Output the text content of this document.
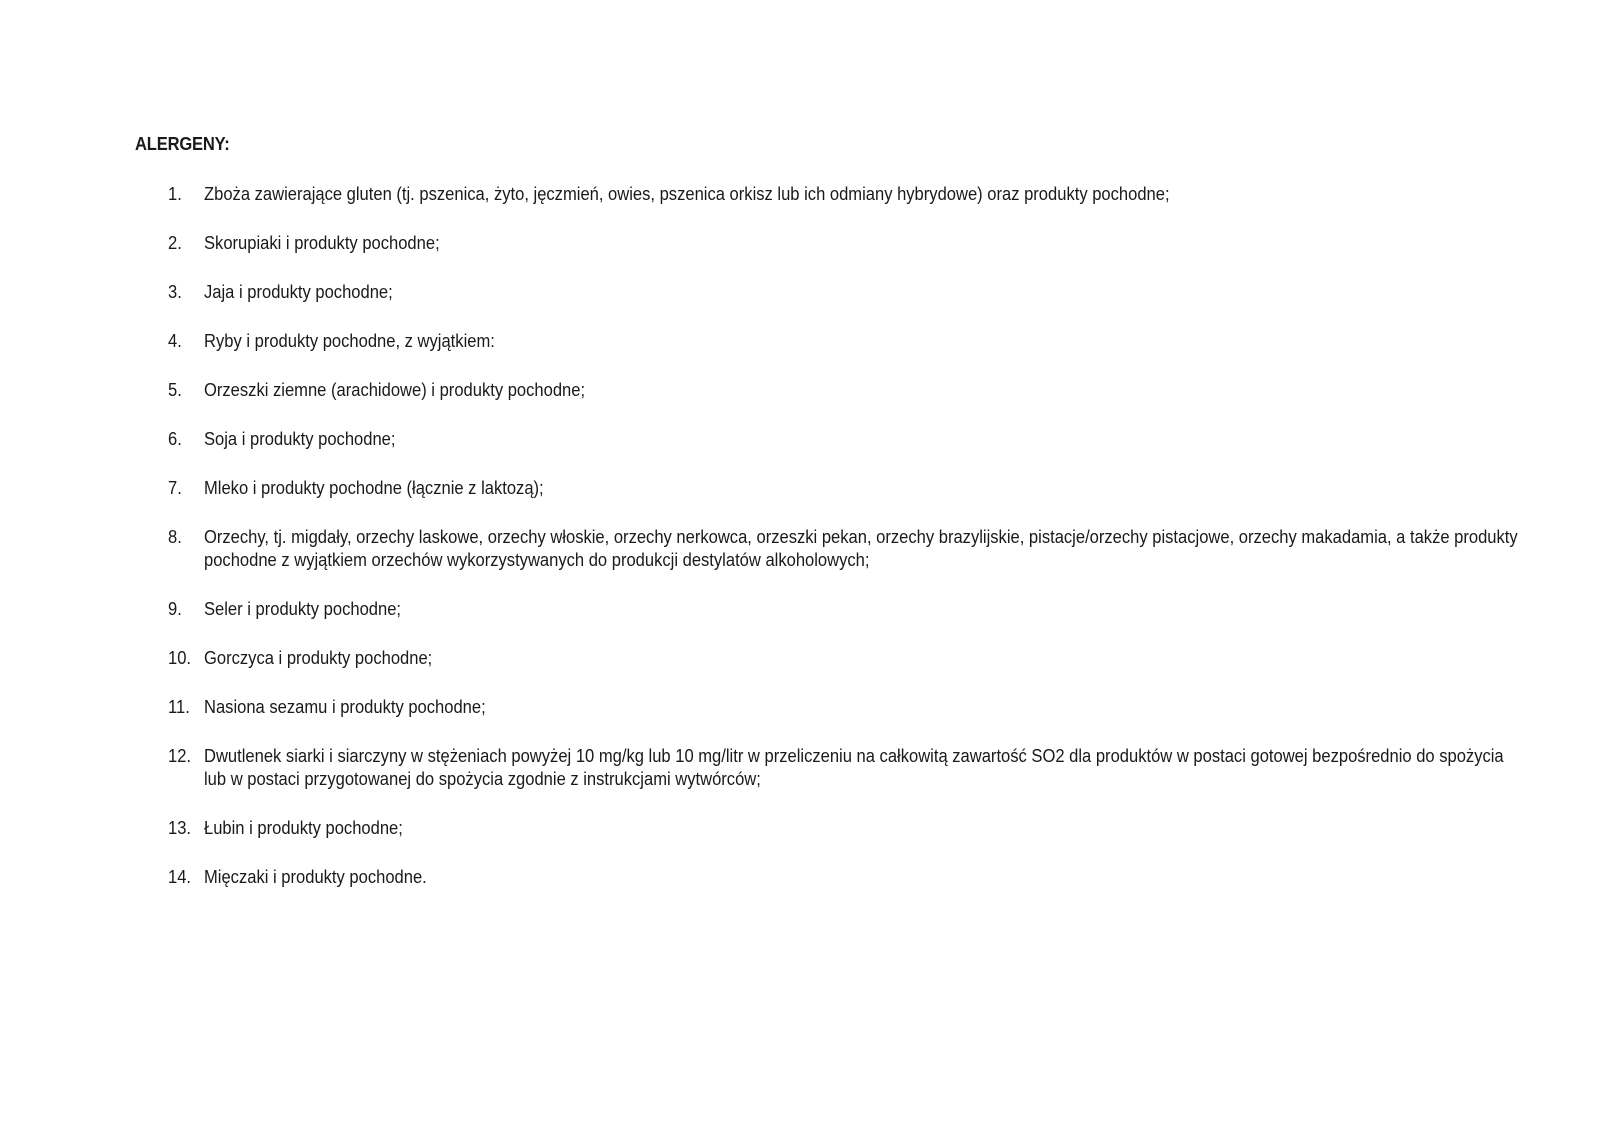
ALERGENY:
1.	Zboża zawierające gluten (tj. pszenica, żyto, jęczmień, owies, pszenica orkisz lub ich odmiany hybrydowe) oraz produkty pochodne;
2.	Skorupiaki i produkty pochodne;
3.	Jaja i produkty pochodne;
4.	Ryby i produkty pochodne, z wyjątkiem:
5.	Orzeszki ziemne (arachidowe) i produkty pochodne;
6.	Soja i produkty pochodne;
7.	Mleko i produkty pochodne (łącznie z laktozą);
8.	Orzechy, tj. migdały, orzechy laskowe, orzechy włoskie, orzechy nerkowca, orzeszki pekan, orzechy brazylijskie, pistacje/orzechy pistacjowe, orzechy makadamia, a także produkty pochodne z wyjątkiem orzechów wykorzystywanych do produkcji destylatów alkoholowych;
9.	Seler i produkty pochodne;
10. Gorczyca i produkty pochodne;
11. Nasiona sezamu i produkty pochodne;
12. Dwutlenek siarki i siarczyny w stężeniach powyżej 10 mg/kg lub 10 mg/litr w przeliczeniu na całkowitą zawartość SO2 dla produktów w postaci gotowej bezpośrednio do spożycia lub w postaci przygotowanej do spożycia zgodnie z instrukcjami wytwórców;
13. Łubin i produkty pochodne;
14. Mięczaki i produkty pochodne.
